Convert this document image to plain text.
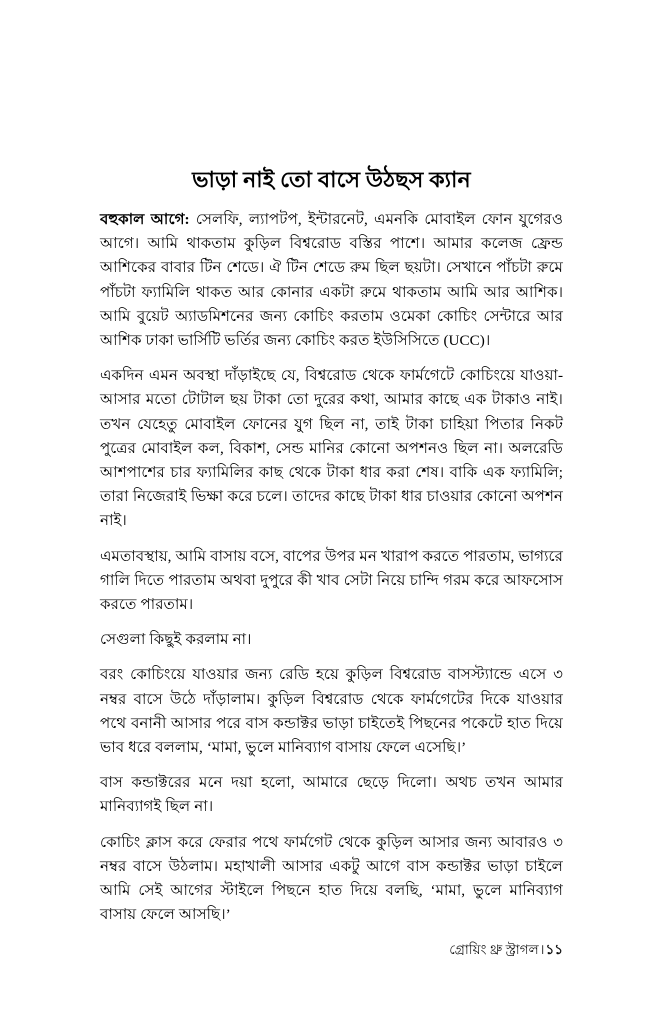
ভাড়া নাই তো বাসে উঠছস ক্যান

বহুকাল আগে: সেলফি, ল্যাপটপ, ইন্টারনেট, এমনকি মোবাইল ফোন যুগেরও আগে। আমি থাকতাম কুড়িল বিশ্বরোড বস্তির পাশে। আমার কলেজ ফ্রেন্ড আশিকের বাবার টিন শেডে। ঐ টিন শেডে রুম ছিল ছয়টা। সেখানে পাঁচটা রুমে পাঁচটা ফ্যামিলি থাকত আর কোনার একটা রুমে থাকতাম আমি আর আশিক। আমি বুয়েট অ্যাডমিশনের জন্য কোচিং করতাম ওমেকা কোচিং সেন্টারে আর আশিক ঢাকা ভার্সিটি ভর্তির জন্য কোচিং করত ইউসিসিতে (UCC)।

একদিন এমন অবস্থা দাঁড়াইছে যে, বিশ্বরোড থেকে ফার্মগেটে কোচিংয়ে যাওয়া-আসার মতো টোটাল ছয় টাকা তো দুরের কথা, আমার কাছে এক টাকাও নাই। তখন যেহেতু মোবাইল ফোনের যুগ ছিল না, তাই টাকা চাহিয়া পিতার নিকট পুত্রের মোবাইল কল, বিকাশ, সেন্ড মানির কোনো অপশনও ছিল না। অলরেডি আশপাশের চার ফ্যামিলির কাছ থেকে টাকা ধার করা শেষ। বাকি এক ফ্যামিলি; তারা নিজেরাই ভিক্ষা করে চলে। তাদের কাছে টাকা ধার চাওয়ার কোনো অপশন নাই।

এমতাবস্থায়, আমি বাসায় বসে, বাপের উপর মন খারাপ করতে পারতাম, ভাগ্যরে গালি দিতে পারতাম অথবা দুপুরে কী খাব সেটা নিয়ে চান্দি গরম করে আফসোস করতে পারতাম।

সেগুলা কিছুই করলাম না।

বরং কোচিংয়ে যাওয়ার জন্য রেডি হয়ে কুড়িল বিশ্বরোড বাসস্ট্যান্ডে এসে ৩ নম্বর বাসে উঠে দাঁড়ালাম। কুড়িল বিশ্বরোড থেকে ফার্মগেটের দিকে যাওয়ার পথে বনানী আসার পরে বাস কন্ডাক্টর ভাড়া চাইতেই পিছনের পকেটে হাত দিয়ে ভাব ধরে বললাম, ‘মামা, ভুলে মানিব্যাগ বাসায় ফেলে এসেছি।’

বাস কন্ডাক্টরের মনে দয়া হলো, আমারে ছেড়ে দিলো। অথচ তখন আমার মানিব্যাগই ছিল না।

কোচিং ক্লাস করে ফেরার পথে ফার্মগেট থেকে কুড়িল আসার জন্য আবারও ৩ নম্বর বাসে উঠলাম। মহাখালী আসার একটু আগে বাস কন্ডাক্টর ভাড়া চাইলে আমি সেই আগের স্টাইলে পিছনে হাত দিয়ে বলছি, ‘মামা, ভুলে মানিব্যাগ বাসায় ফেলে আসছি।’

গ্রোয়িং থ্রু স্ট্রাগল।১১
